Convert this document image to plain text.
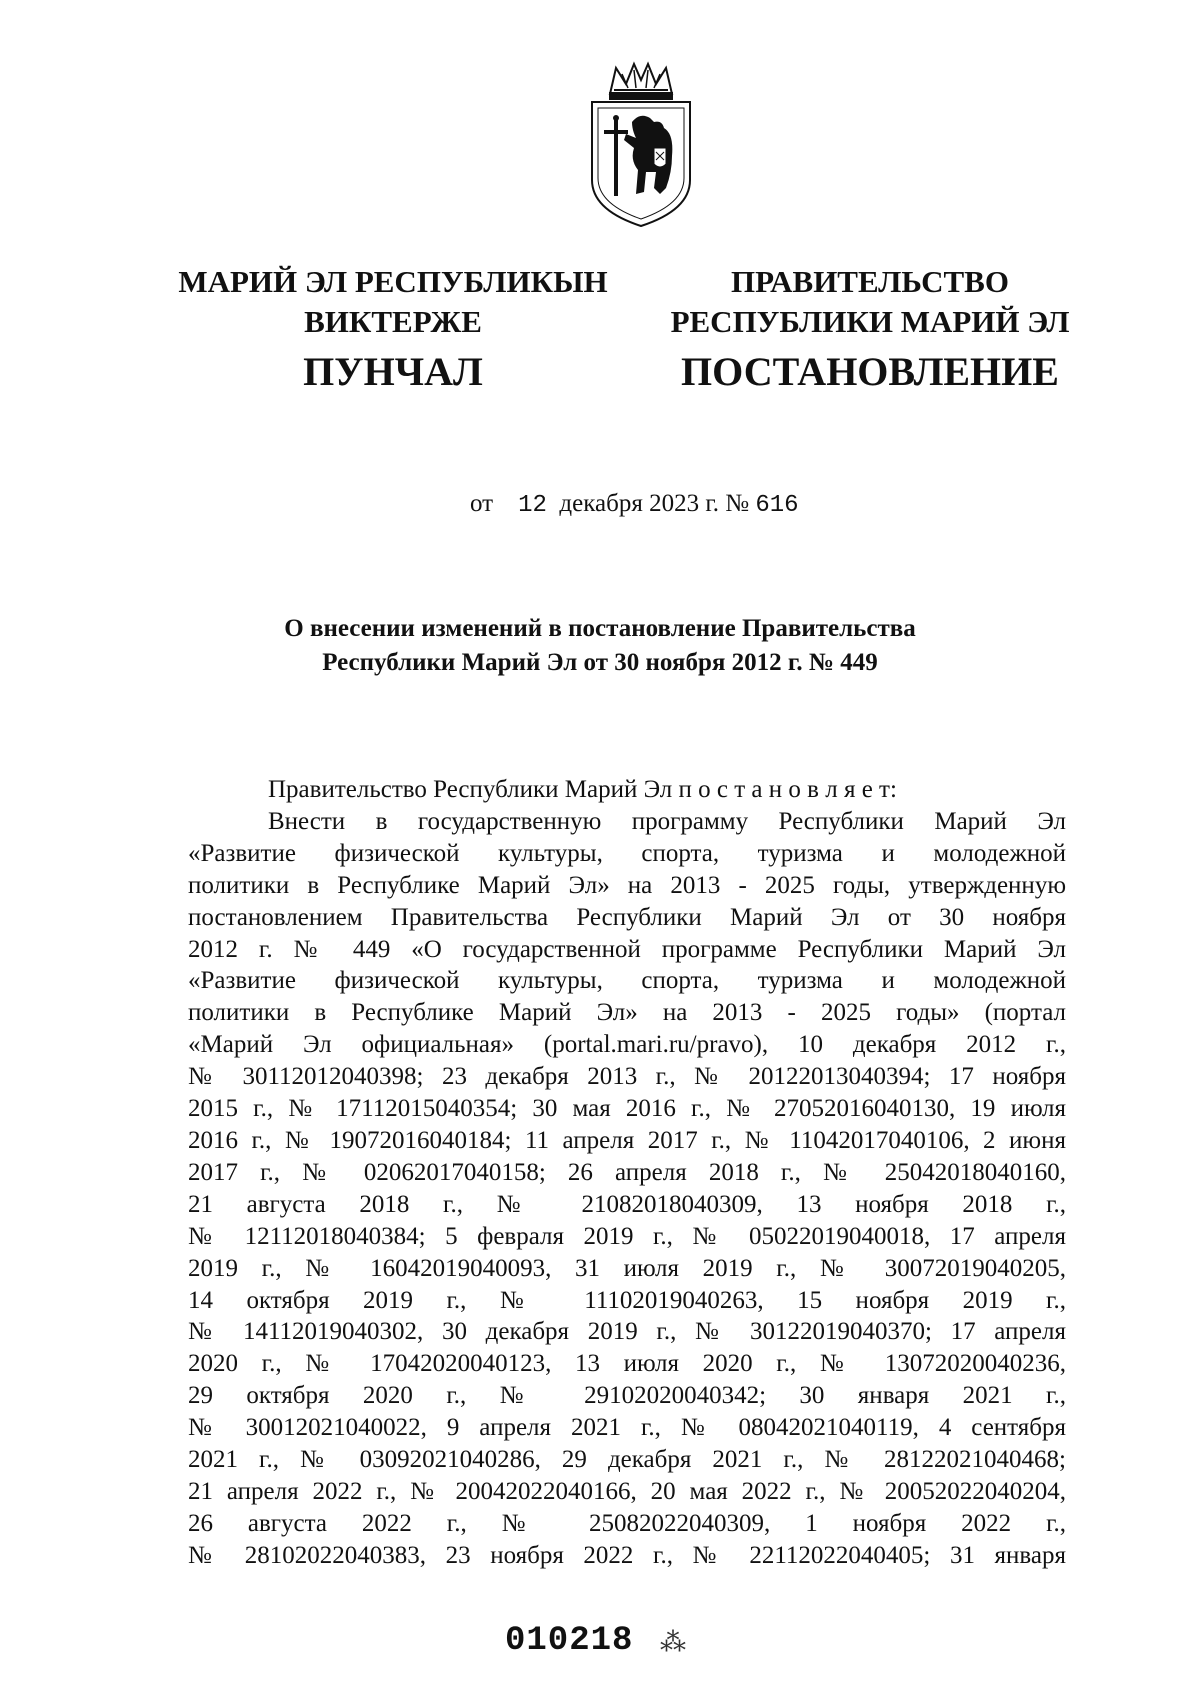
МАРИЙ ЭЛ РЕСПУБЛИКЫН
ВИКТЕРЖЕ
ПУНЧАЛ
ПРАВИТЕЛЬСТВО
РЕСПУБЛИКИ МАРИЙ ЭЛ
ПОСТАНОВЛЕНИЕ
от 12 декабря 2023 г. № 616
О внесении изменений в постановление Правительства
Республики Марий Эл от 30 ноября 2012 г. № 449
Правительство Республики Марий Эл п о с т а н о в л я е т:
Внести в государственную программу Республики Марий Эл
«Развитие физической культуры, спорта, туризма и молодежной
политики в Республике Марий Эл» на 2013 - 2025 годы, утвержденную
постановлением Правительства Республики Марий Эл от 30 ноября
2012 г. № 449 «О государственной программе Республики Марий Эл
«Развитие физической культуры, спорта, туризма и молодежной
политики в Республике Марий Эл» на 2013 - 2025 годы» (портал
«Марий Эл официальная» (portal.mari.ru/pravo), 10 декабря 2012 г.,
№ 30112012040398; 23 декабря 2013 г., № 20122013040394; 17 ноября
2015 г., № 17112015040354; 30 мая 2016 г., № 27052016040130, 19 июля
2016 г., № 19072016040184; 11 апреля 2017 г., № 11042017040106, 2 июня
2017 г., № 02062017040158; 26 апреля 2018 г., № 25042018040160,
21 августа 2018 г., № 21082018040309, 13 ноября 2018 г.,
№ 12112018040384; 5 февраля 2019 г., № 05022019040018, 17 апреля
2019 г., № 16042019040093, 31 июля 2019 г., № 30072019040205,
14 октября 2019 г., № 11102019040263, 15 ноября 2019 г.,
№ 14112019040302, 30 декабря 2019 г., № 30122019040370; 17 апреля
2020 г., № 17042020040123, 13 июля 2020 г., № 13072020040236,
29 октября 2020 г., № 29102020040342; 30 января 2021 г.,
№ 30012021040022, 9 апреля 2021 г., № 08042021040119, 4 сентября
2021 г., № 03092021040286, 29 декабря 2021 г., № 28122021040468;
21 апреля 2022 г., № 20042022040166, 20 мая 2022 г., № 20052022040204,
26 августа 2022 г., № 25082022040309, 1 ноября 2022 г.,
№ 28102022040383, 23 ноября 2022 г., № 22112022040405; 31 января
010218 ⁂
